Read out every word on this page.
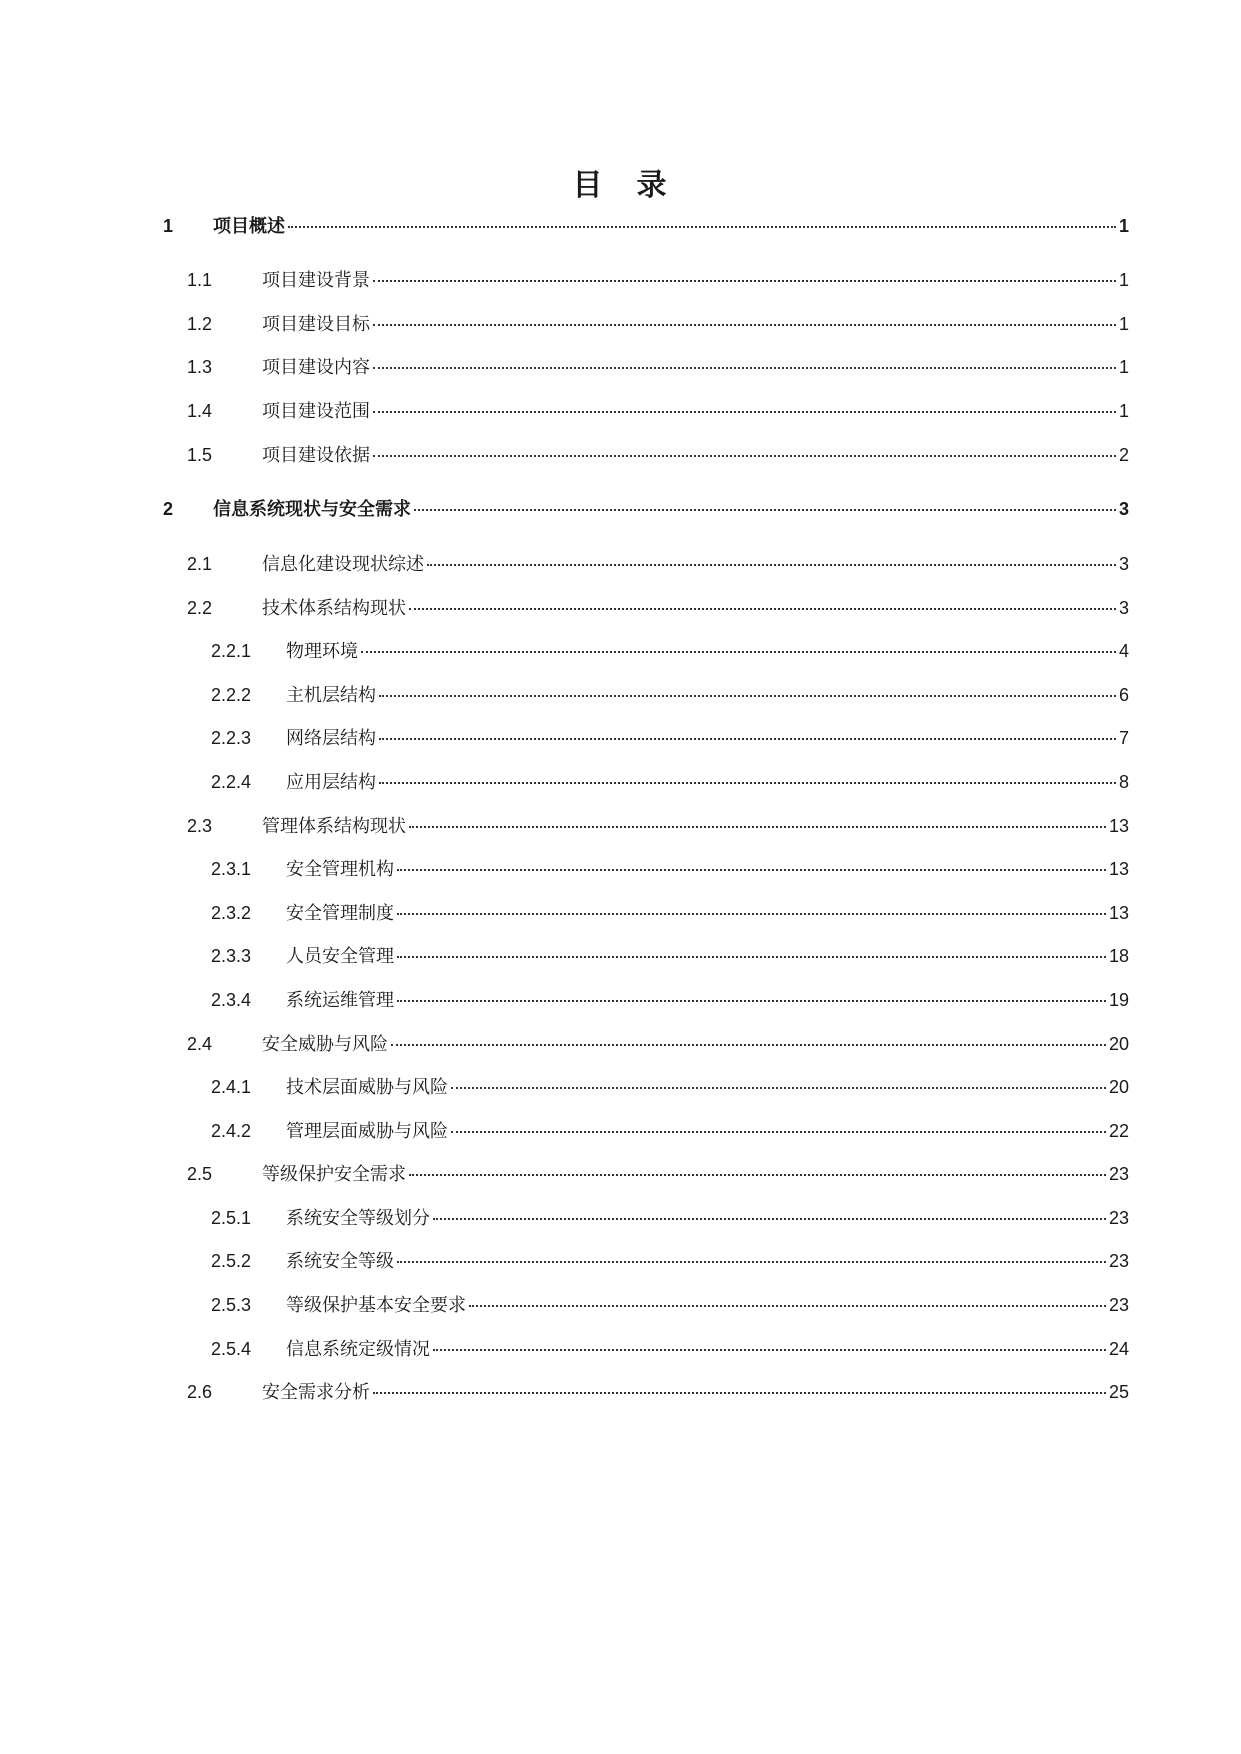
目 录
1	项目概述	1
1.1	项目建设背景	1
1.2	项目建设目标	1
1.3	项目建设内容	1
1.4	项目建设范围	1
1.5	项目建设依据	2
2	信息系统现状与安全需求	3
2.1	信息化建设现状综述	3
2.2	技术体系结构现状	3
2.2.1	物理环境	4
2.2.2	主机层结构	6
2.2.3	网络层结构	7
2.2.4	应用层结构	8
2.3	管理体系结构现状	13
2.3.1	安全管理机构	13
2.3.2	安全管理制度	13
2.3.3	人员安全管理	18
2.3.4	系统运维管理	19
2.4	安全威胁与风险	20
2.4.1	技术层面威胁与风险	20
2.4.2	管理层面威胁与风险	22
2.5	等级保护安全需求	23
2.5.1	系统安全等级划分	23
2.5.2	系统安全等级	23
2.5.3	等级保护基本安全要求	23
2.5.4	信息系统定级情况	24
2.6	安全需求分析	25
